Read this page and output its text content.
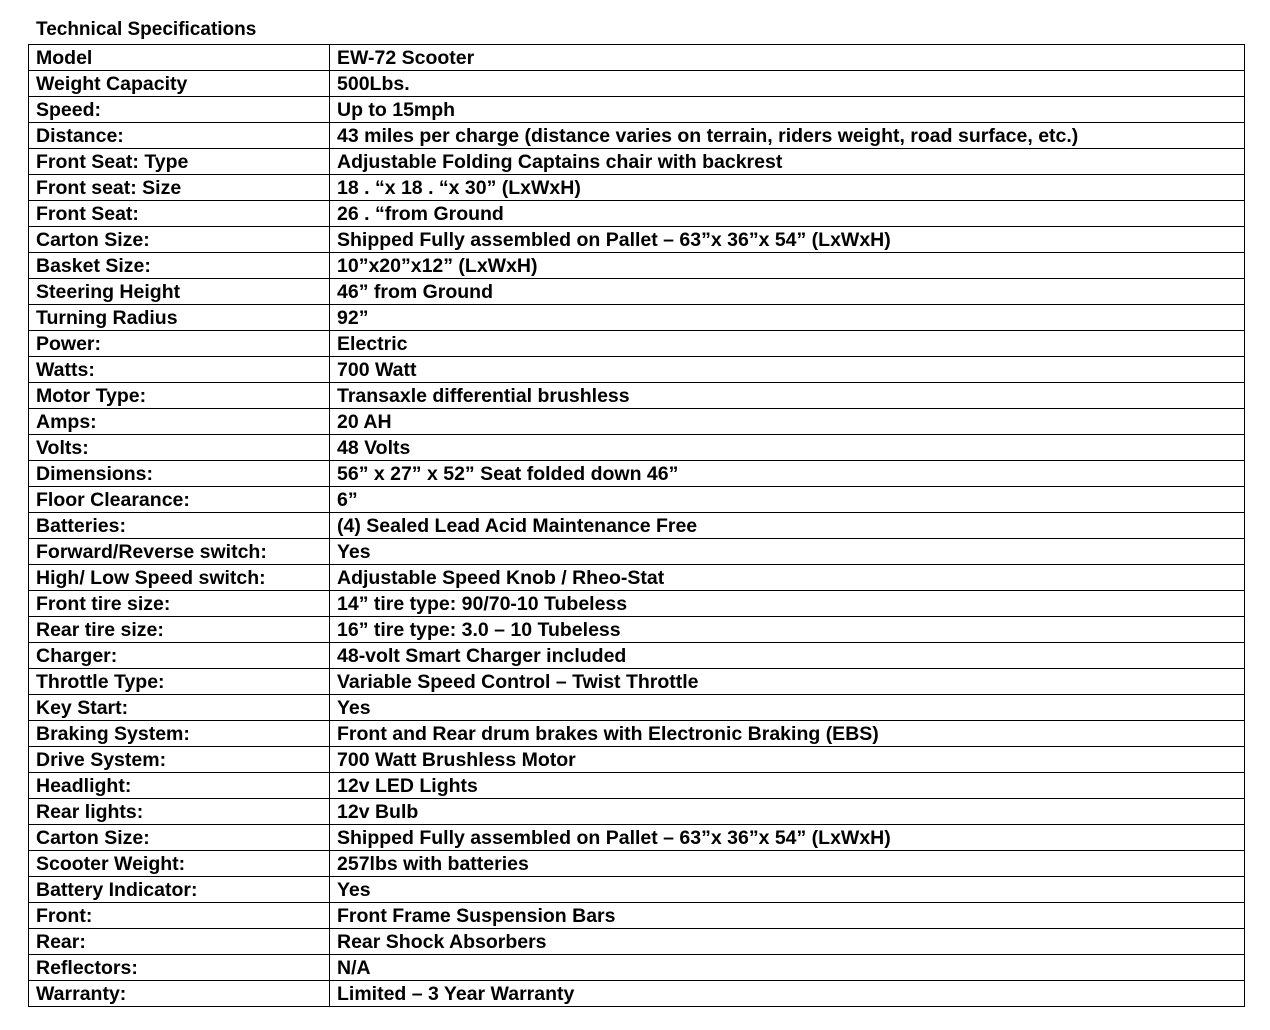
Technical Specifications
Model	EW-72 Scooter
Weight Capacity	500Lbs.
Speed:	Up to 15mph
Distance:	43 miles per charge (distance varies on terrain, riders weight, road surface, etc.)
Front Seat: Type	Adjustable Folding Captains chair with backrest
Front seat: Size	18 . “x 18 . “x 30” (LxWxH)
Front Seat:	26 . “from Ground
Carton Size:	Shipped Fully assembled on Pallet – 63”x 36”x 54” (LxWxH)
Basket Size:	10”x20”x12” (LxWxH)
Steering Height	46” from Ground
Turning Radius	92”
Power:	Electric
Watts:	700 Watt
Motor Type:	Transaxle differential brushless
Amps:	20 AH
Volts:	48 Volts
Dimensions:	56” x 27” x 52” Seat folded down 46”
Floor Clearance:	6”
Batteries:	(4) Sealed Lead Acid Maintenance Free
Forward/Reverse switch:	Yes
High/ Low Speed switch:	Adjustable Speed Knob / Rheo-Stat
Front tire size:	14” tire type: 90/70-10 Tubeless
Rear tire size:	16” tire type: 3.0 – 10 Tubeless
Charger:	48-volt Smart Charger included
Throttle Type:	Variable Speed Control – Twist Throttle
Key Start:	Yes
Braking System:	Front and Rear drum brakes with Electronic Braking (EBS)
Drive System:	700 Watt Brushless Motor
Headlight:	12v LED Lights
Rear lights:	12v Bulb
Carton Size:	Shipped Fully assembled on Pallet – 63”x 36”x 54” (LxWxH)
Scooter Weight:	257lbs with batteries
Battery Indicator:	Yes
Front:	Front Frame Suspension Bars
Rear:	Rear Shock Absorbers
Reflectors:	N/A
Warranty:	Limited – 3 Year Warranty
